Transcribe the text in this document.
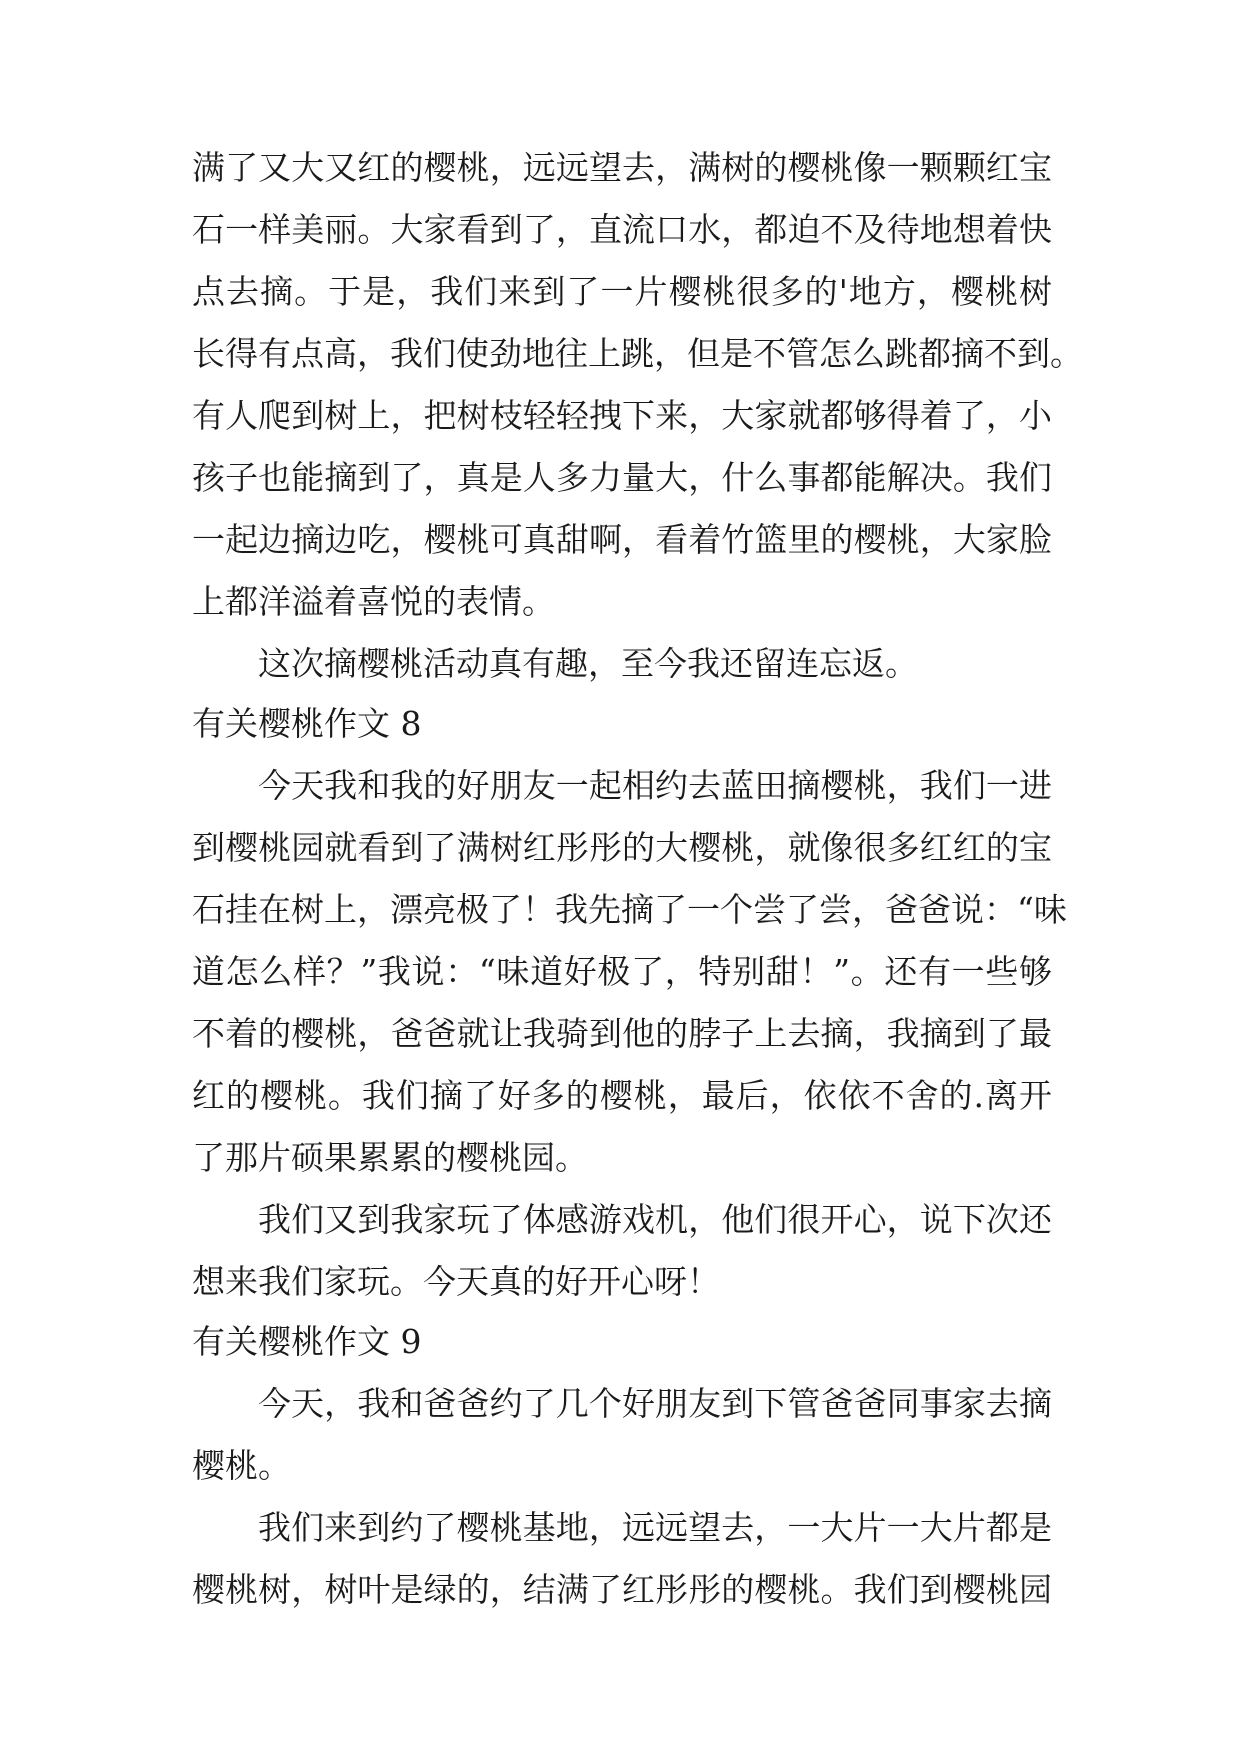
满了又大又红的樱桃，远远望去，满树的樱桃像一颗颗红宝
石一样美丽。大家看到了，直流口水，都迫不及待地想着快
点去摘。于是，我们来到了一片樱桃很多的'地方，樱桃树
长得有点高，我们使劲地往上跳，但是不管怎么跳都摘不到。
有人爬到树上，把树枝轻轻拽下来，大家就都够得着了，小
孩子也能摘到了，真是人多力量大，什么事都能解决。我们
一起边摘边吃，樱桃可真甜啊，看着竹篮里的樱桃，大家脸
上都洋溢着喜悦的表情。
这次摘樱桃活动真有趣，至今我还留连忘返。
有关樱桃作文 8
今天我和我的好朋友一起相约去蓝田摘樱桃，我们一进
到樱桃园就看到了满树红彤彤的大樱桃，就像很多红红的宝
石挂在树上，漂亮极了！我先摘了一个尝了尝，爸爸说：“味
道怎么样？”我说：“味道好极了，特别甜！”。还有一些够
不着的樱桃，爸爸就让我骑到他的脖子上去摘，我摘到了最
红的樱桃。我们摘了好多的樱桃，最后，依依不舍的.离开
了那片硕果累累的樱桃园。
我们又到我家玩了体感游戏机，他们很开心，说下次还
想来我们家玩。今天真的好开心呀！
有关樱桃作文 9
今天，我和爸爸约了几个好朋友到下管爸爸同事家去摘
樱桃。
我们来到约了樱桃基地，远远望去，一大片一大片都是
樱桃树，树叶是绿的，结满了红彤彤的樱桃。我们到樱桃园
